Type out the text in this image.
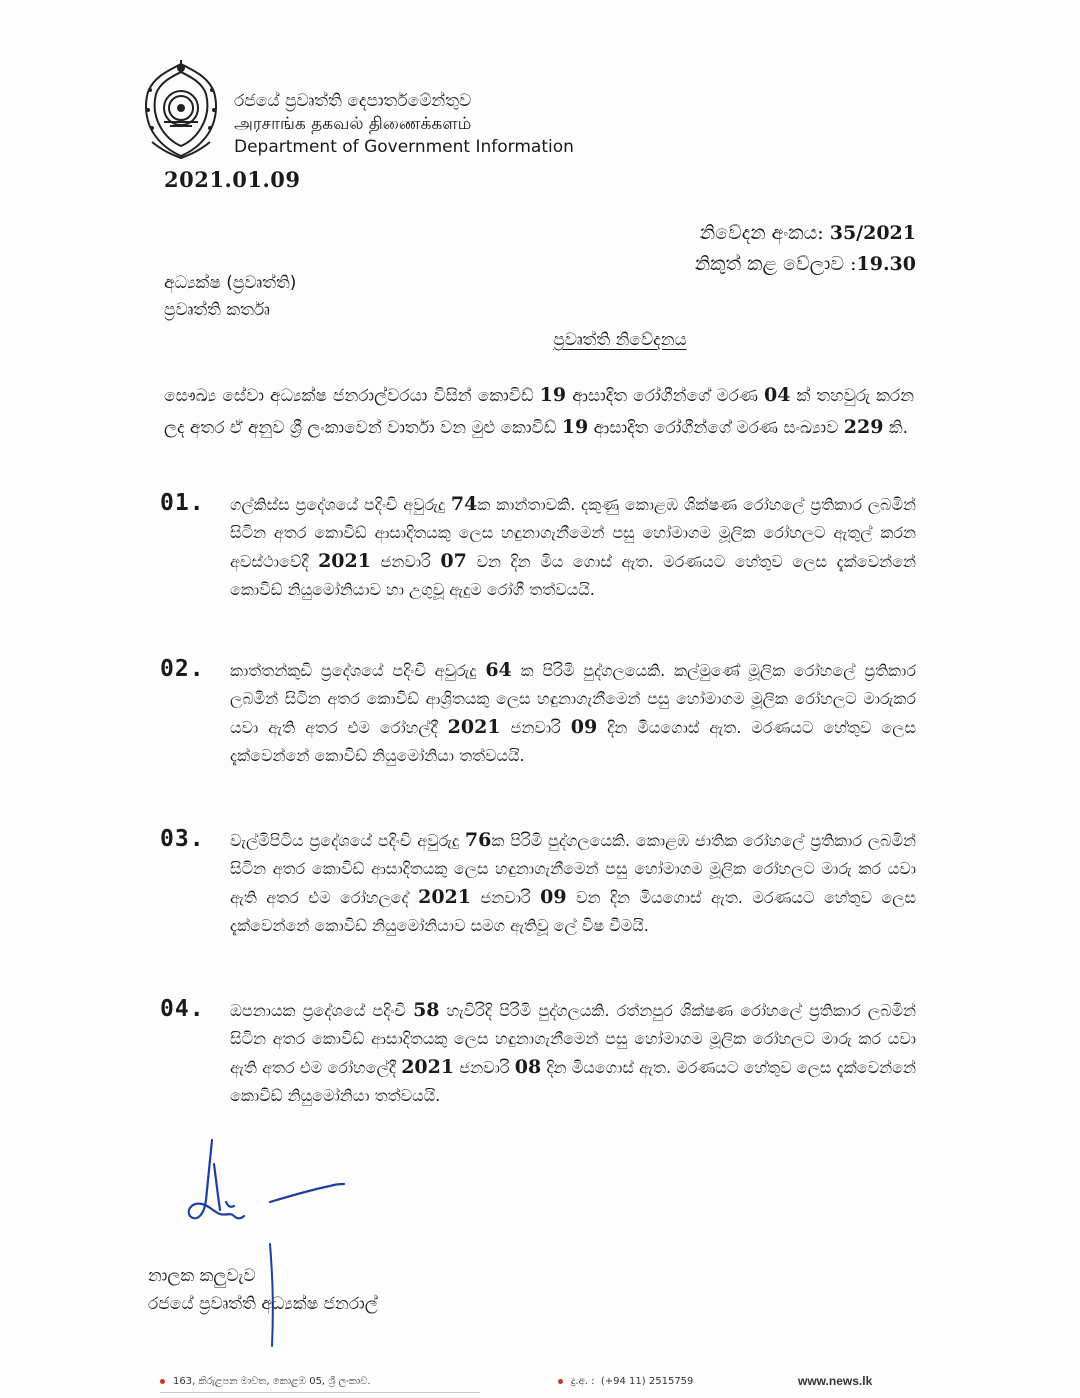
රජයේ ප්‍රවෘත්ති දෙපාර්තමේන්තුව
அரசாங்க தகவல் திணைக்களம்
Department of Government Information
2021.01.09
නිවේදන අංකය: 35/2021
නිකුත් කළ වේලාව :19.30
අධ්‍යක්ෂ (ප්‍රවෘත්ති)
ප්‍රවෘත්ති කර්තෘ
ප්‍රවෘත්ති නිවේදනය
සෞඛ්‍ය සේවා අධ්‍යක්ෂ ජනරාල්වරයා විසින් කොවිඩ් 19 ආසාදිත රෝගීන්ගේ මරණ 04 ක් තහවුරු කරන ලද අතර ඒ අනුව ශ්‍රී ලංකාවෙන් වාර්තා වන මුළු කොවිඩ් 19 ආසාදිත රෝගීන්ගේ මරණ සංඛ්‍යාව 229 කි.
01. ගල්කිස්ස ප්‍රදේශයේ පදිංචි අවුරුදු 74ක කාන්තාවකි. දකුණු කොළඹ ශික්ෂණ රෝහලේ ප්‍රතිකාර ලබමින් සිටින අතර කොවිඩ් ආසාදිතයකු ලෙස හඳුනාගැනීමෙන් පසු හෝමාගම මූලික රෝහලට ඇතුල් කරන අවස්ථාවේදී 2021 ජනවාරි 07 වන දින මිය ගොස් ඇත. මරණයට හේතුව ලෙස දැක්වෙන්නේ කොවිඩ් නියුමෝනියාව හා උගුවූ ඇදුම රෝගී තත්වයයි.
02. කාත්තන්කුඩි ප්‍රදේශයේ පදිංචි අවුරුදු 64 ක පිරිමි පුද්ගලයෙකි. කල්මුණේ මූලික රෝහලේ ප්‍රතිකාර ලබමින් සිටින අතර කොවිඩ් ආශ්‍රිතයකු ලෙස හඳුනාගැනීමෙන් පසු හෝමාගම මූලික රෝහලට මාරුකර යවා ඇති අතර එම රෝහල්දී 2021 ජනවාරි 09 දින මියගොස් ඇත. මරණයට හේතුව ලෙස දැක්වෙන්නේ කොවිඩ් නියුමෝනියා තත්වයයි.
03. වැල්මිපිටිය ප්‍රදේශයේ පදිංචි අවුරුදු 76ක පිරිමි පුද්ගලයෙකි. කොළඹ ජාතික රෝහලේ ප්‍රතිකාර ලබමින් සිටින අතර කොවිඩ් ආසාදිතයකු ලෙස හඳුනාගැනීමෙන් පසු හෝමාගම මූලික රෝහලට මාරු කර යවා ඇති අතර එම රෝහලදේ 2021 ජනවාරි 09 වන දින මියගොස් ඇත. මරණයට හේතුව ලෙස දැක්වෙන්නේ කොවිඩ් නියුමෝනියාව සමග ඇතිවූ ලේ විෂ වීමයි.
04. ඔපනායක ප්‍රදේශයේ පදිංචි 58 හැවිරිදි පිරිමි පුද්ගලයකි. රත්නපුර ශික්ෂණ රෝහලේ ප්‍රතිකාර ලබමින් සිටින අතර කොවිඩ් ආසාදිතයකු ලෙස හඳුනාගැනීමෙන් පසු හෝමාගම මූලික රෝහලට මාරු කර යවා ඇති අතර එම රෝහලේදී 2021 ජනවාරි 08 දින මියගොස් ඇත. මරණයට හේතුව ලෙස දැක්වෙන්නේ කොවිඩ් නියුමෝනියා තත්වයයි.
නාලක කලුවැව
රජයේ ප්‍රවෘත්ති අධ්‍යක්ෂ ජනරාල්
163, කිරුළපන මාවත, කොළඹ 05, ශ්‍රී ලංකාව.	දු.අ. : (+94 11) 2515759	www.news.lk
